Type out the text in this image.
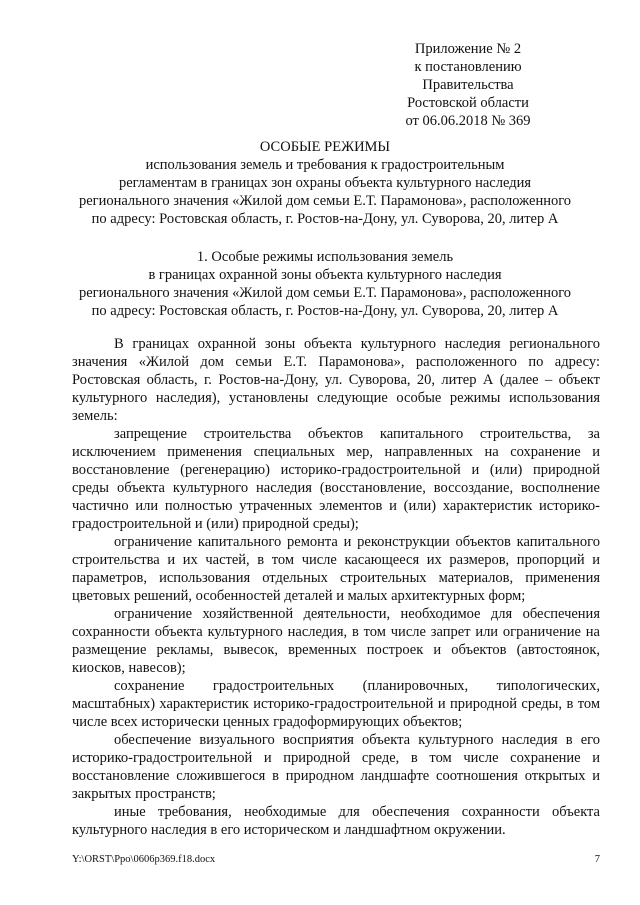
Приложение № 2
к постановлению
Правительства
Ростовской области
от 06.06.2018 № 369
ОСОБЫЕ РЕЖИМЫ
использования земель и требования к градостроительным
регламентам в границах зон охраны объекта культурного наследия
регионального значения «Жилой дом семьи Е.Т. Парамонова», расположенного
по адресу: Ростовская область, г. Ростов-на-Дону, ул. Суворова, 20, литер А
1. Особые режимы использования земель
в границах охранной зоны объекта культурного наследия
регионального значения «Жилой дом семьи Е.Т. Парамонова», расположенного
по адресу: Ростовская область, г. Ростов-на-Дону, ул. Суворова, 20, литер А

В границах охранной зоны объекта культурного наследия регионального значения «Жилой дом семьи Е.Т. Парамонова», расположенного по адресу: Ростовская область, г. Ростов-на-Дону, ул. Суворова, 20, литер А (далее – объект культурного наследия), установлены следующие особые режимы использования земель:

запрещение строительства объектов капитального строительства, за исключением применения специальных мер, направленных на сохранение и восстановление (регенерацию) историко-градостроительной и (или) природной среды объекта культурного наследия (восстановление, воссоздание, восполнение частично или полностью утраченных элементов и (или) характеристик историко-градостроительной и (или) природной среды);

ограничение капитального ремонта и реконструкции объектов капитального строительства и их частей, в том числе касающееся их размеров, пропорций и параметров, использования отдельных строительных материалов, применения цветовых решений, особенностей деталей и малых архитектурных форм;

ограничение хозяйственной деятельности, необходимое для обеспечения сохранности объекта культурного наследия, в том числе запрет или ограничение на размещение рекламы, вывесок, временных построек и объектов (автостоянок, киосков, навесов);

сохранение градостроительных (планировочных, типологических, масштабных) характеристик историко-градостроительной и природной среды, в том числе всех исторически ценных градоформирующих объектов;

обеспечение визуального восприятия объекта культурного наследия в его историко-градостроительной и природной среде, в том числе сохранение и восстановление сложившегося в природном ландшафте соотношения открытых и закрытых пространств;

иные требования, необходимые для обеспечения сохранности объекта культурного наследия в его историческом и ландшафтном окружении.

Y:\ORST\Ppo\0606p369.f18.docx	7
